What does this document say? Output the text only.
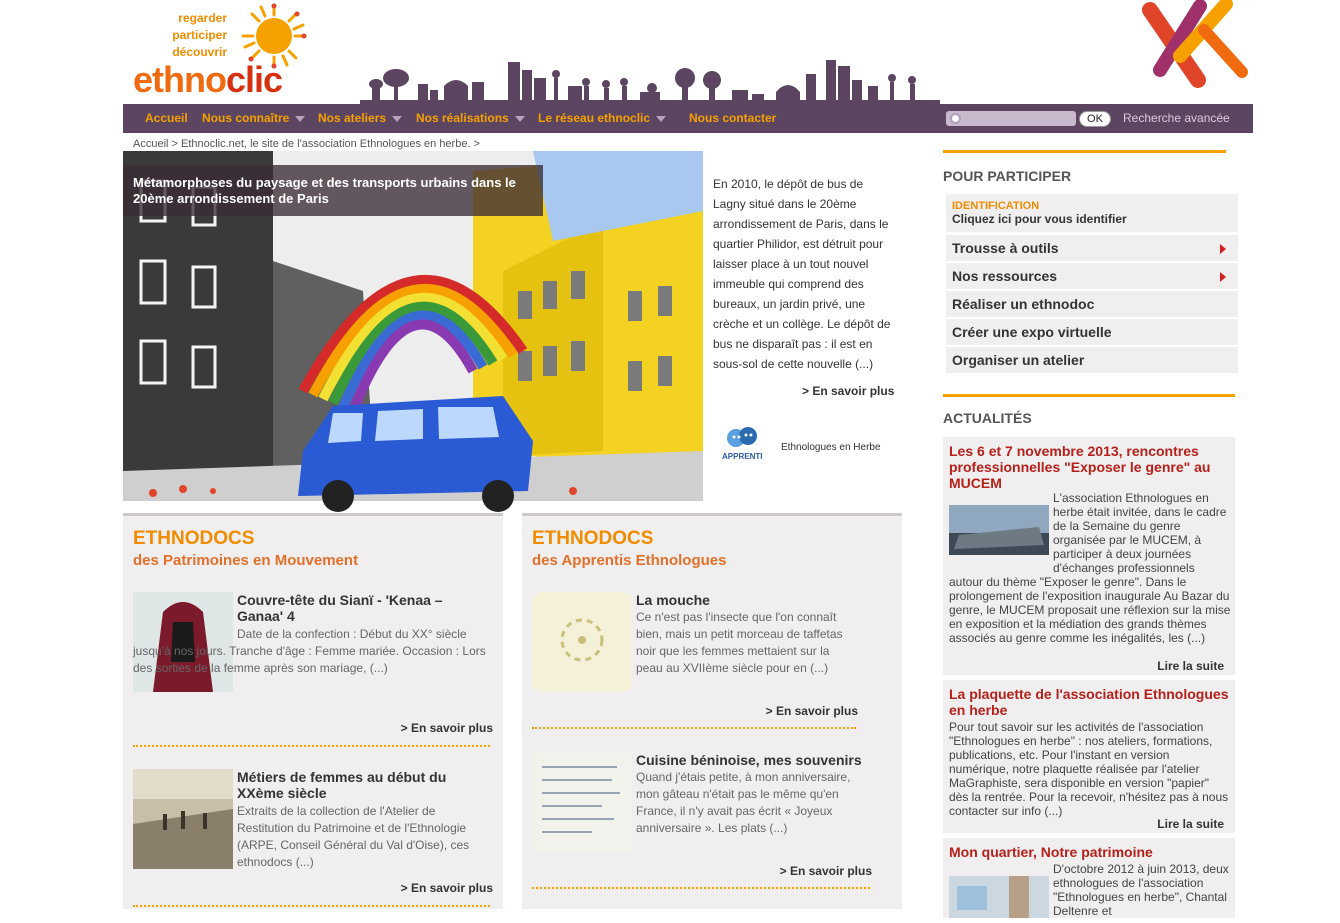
regarder
participer
découvrir
ethnoclic
Accueil Nous connaître	Nos ateliers	Nos réalisations	Le réseau ethnoclic	Nous contacter	OK	Recherche avancée
Accueil > Ethnoclic.net, le site de l'association Ethnologues en herbe. >
Métamorphoses du paysage et des transports urbains dans le 20ème arrondissement de Paris
En 2010, le dépôt de bus de Lagny situé dans le 20ème arrondissement de Paris, dans le quartier Philidor, est détruit pour laisser place à un tout nouvel immeuble qui comprend des bureaux, un jardin privé, une crèche et un collège. Le dépôt de bus ne disparaît pas : il est en sous-sol de cette nouvelle (...)
> En savoir plus
APPRENTI
Ethnologues en Herbe
ETHNODOCS
des Patrimoines en Mouvement
Couvre-tête du Sianï - 'Kenaa – Ganaa' 4
Date de la confection : Début du XX° siècle jusqu'à nos jours. Tranche d'âge : Femme mariée. Occasion : Lors des sorties de la femme après son mariage, (...)
> En savoir plus
Métiers de femmes au début du XXème siècle
Extraits de la collection de l'Atelier de Restitution du Patrimoine et de l'Ethnologie (ARPE, Conseil Général du Val d'Oise), ces ethnodocs (...)
> En savoir plus
ETHNODOCS
des Apprentis Ethnologues
La mouche
Ce n'est pas l'insecte que l'on connaît bien, mais un petit morceau de taffetas noir que les femmes mettaient sur la peau au XVIIème siècle pour en (...)
> En savoir plus
Cuisine béninoise, mes souvenirs
Quand j'étais petite, à mon anniversaire, mon gâteau n'était pas le même qu'en France, il n'y avait pas écrit « Joyeux anniversaire ». Les plats (...)
> En savoir plus
POUR PARTICIPER
IDENTIFICATION
Cliquez ici pour vous identifier
Trousse à outils
Nos ressources
Réaliser un ethnodoc
Créer une expo virtuelle
Organiser un atelier
ACTUALITÉS
Les 6 et 7 novembre 2013, rencontres professionnelles "Exposer le genre" au MUCEM
L'association Ethnologues en herbe était invitée, dans le cadre de la Semaine du genre organisée par le MUCEM, à participer à deux journées d'échanges professionnels
autour du thème "Exposer le genre". Dans le prolongement de l'exposition inaugurale Au Bazar du genre, le MUCEM proposait une réflexion sur la mise en exposition et la médiation des grands thèmes associés au genre comme les inégalités, les (...)
Lire la suite
La plaquette de l'association Ethnologues en herbe
Pour tout savoir sur les activités de l'association "Ethnologues en herbe" : nos ateliers, formations, publications, etc. Pour l'instant en version numérique, notre plaquette réalisée par l'atelier MaGraphiste, sera disponible en version "papier" dès la rentrée. Pour la recevoir, n'hésitez pas à nous contacter sur info (...)
Lire la suite
Mon quartier, Notre patrimoine
D'octobre 2012 à juin 2013, deux ethnologues de l'association "Ethnologues en herbe", Chantal Deltenre et
